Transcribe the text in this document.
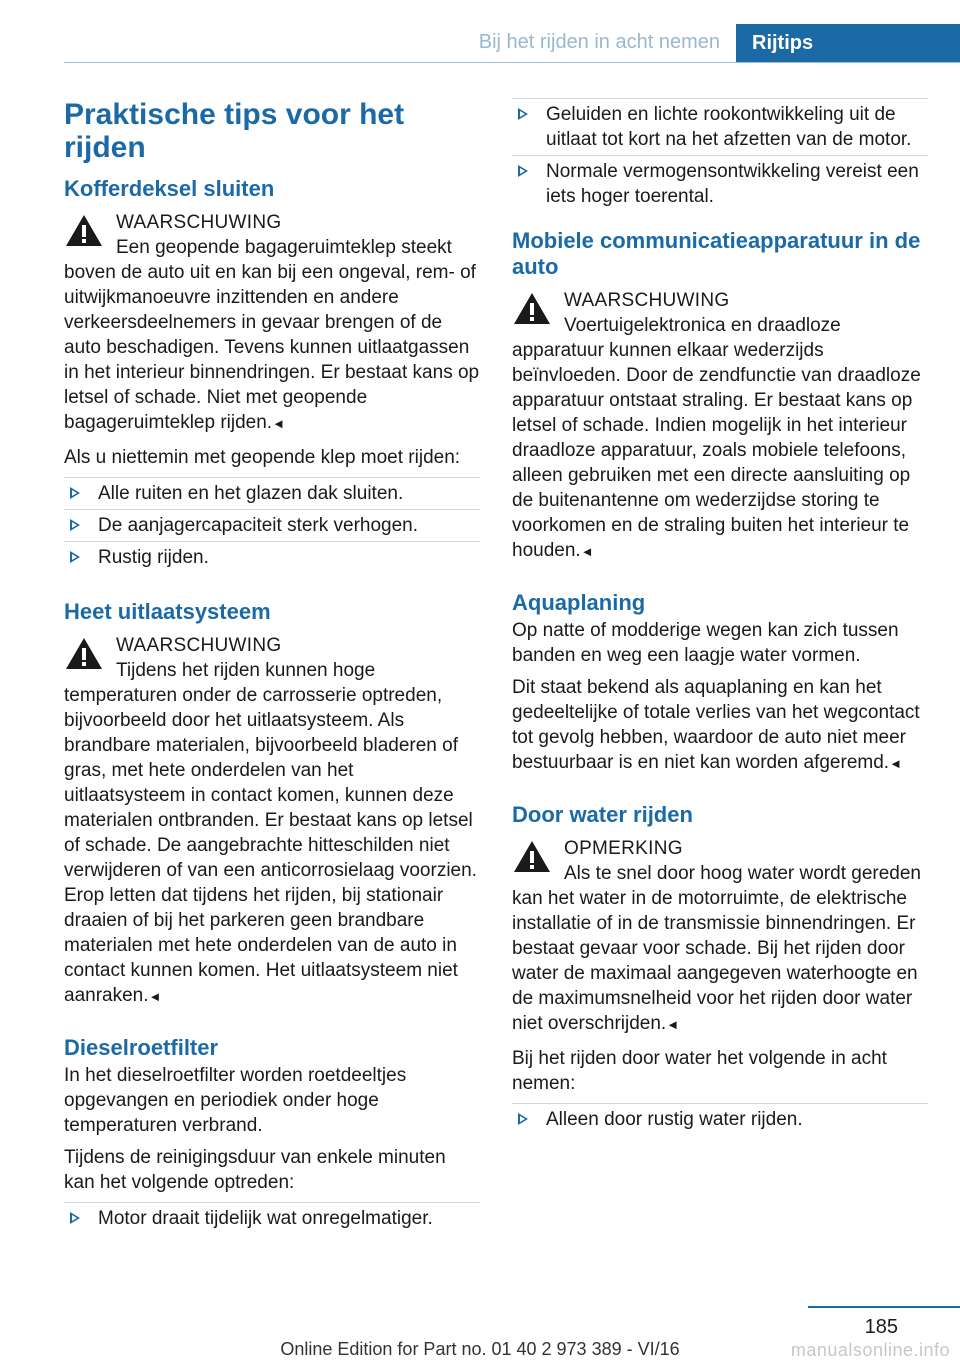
Bij het rijden in acht nemen	Rijtips
Praktische tips voor het rijden
Kofferdeksel sluiten
WAARSCHUWING
Een geopende bagageruimteklep steekt boven de auto uit en kan bij een ongeval, rem- of uitwijkmanoeuvre inzittenden en andere verkeersdeelnemers in gevaar brengen of de auto beschadigen. Tevens kunnen uitlaatgassen in het interieur binnendringen. Er bestaat kans op letsel of schade. Niet met geopende bagageruimteklep rijden.◄

Als u niettemin met geopende klep moet rijden:

Alle ruiten en het glazen dak sluiten.
De aanjagercapaciteit sterk verhogen.
Rustig rijden.
Heet uitlaatsysteem
WAARSCHUWING
Tijdens het rijden kunnen hoge temperaturen onder de carrosserie optreden, bijvoorbeeld door het uitlaatsysteem. Als brandbare materialen, bijvoorbeeld bladeren of gras, met hete onderdelen van het uitlaatsysteem in contact komen, kunnen deze materialen ontbranden. Er bestaat kans op letsel of schade. De aangebrachte hitteschilden niet verwijderen of van een anticorrosielaag voorzien. Erop letten dat tijdens het rijden, bij stationair draaien of bij het parkeren geen brandbare materialen met hete onderdelen van de auto in contact kunnen komen. Het uitlaatsysteem niet aanraken.◄
Dieselroetfilter

In het dieselroetfilter worden roetdeeltjes opgevangen en periodiek onder hoge temperaturen verbrand.

Tijdens de reinigingsduur van enkele minuten kan het volgende optreden:

Motor draait tijdelijk wat onregelmatiger.
Geluiden en lichte rookontwikkeling uit de uitlaat tot kort na het afzetten van de motor.
Normale vermogensontwikkeling vereist een iets hoger toerental.
Mobiele communicatieapparatuur in de auto
WAARSCHUWING
Voertuigelektronica en draadloze apparatuur kunnen elkaar wederzijds beïnvloeden. Door de zendfunctie van draadloze apparatuur ontstaat straling. Er bestaat kans op letsel of schade. Indien mogelijk in het interieur draadloze apparatuur, zoals mobiele telefoons, alleen gebruiken met een directe aansluiting op de buitenantenne om wederzijdse storing te voorkomen en de straling buiten het interieur te houden.◄
Aquaplaning

Op natte of modderige wegen kan zich tussen banden en weg een laagje water vormen.

Dit staat bekend als aquaplaning en kan het gedeeltelijke of totale verlies van het wegcontact tot gevolg hebben, waardoor de auto niet meer bestuurbaar is en niet kan worden afgeremd.◄

Door water rijden
OPMERKING
Als te snel door hoog water wordt gereden kan het water in de motorruimte, de elektrische installatie of in de transmissie binnendringen. Er bestaat gevaar voor schade. Bij het rijden door water de maximaal aangegeven waterhoogte en de maximumsnelheid voor het rijden door water niet overschrijden.◄

Bij het rijden door water het volgende in acht nemen:

Alleen door rustig water rijden.
185
Online Edition for Part no. 01 40 2 973 389 - VI/16	manualsonline.info
